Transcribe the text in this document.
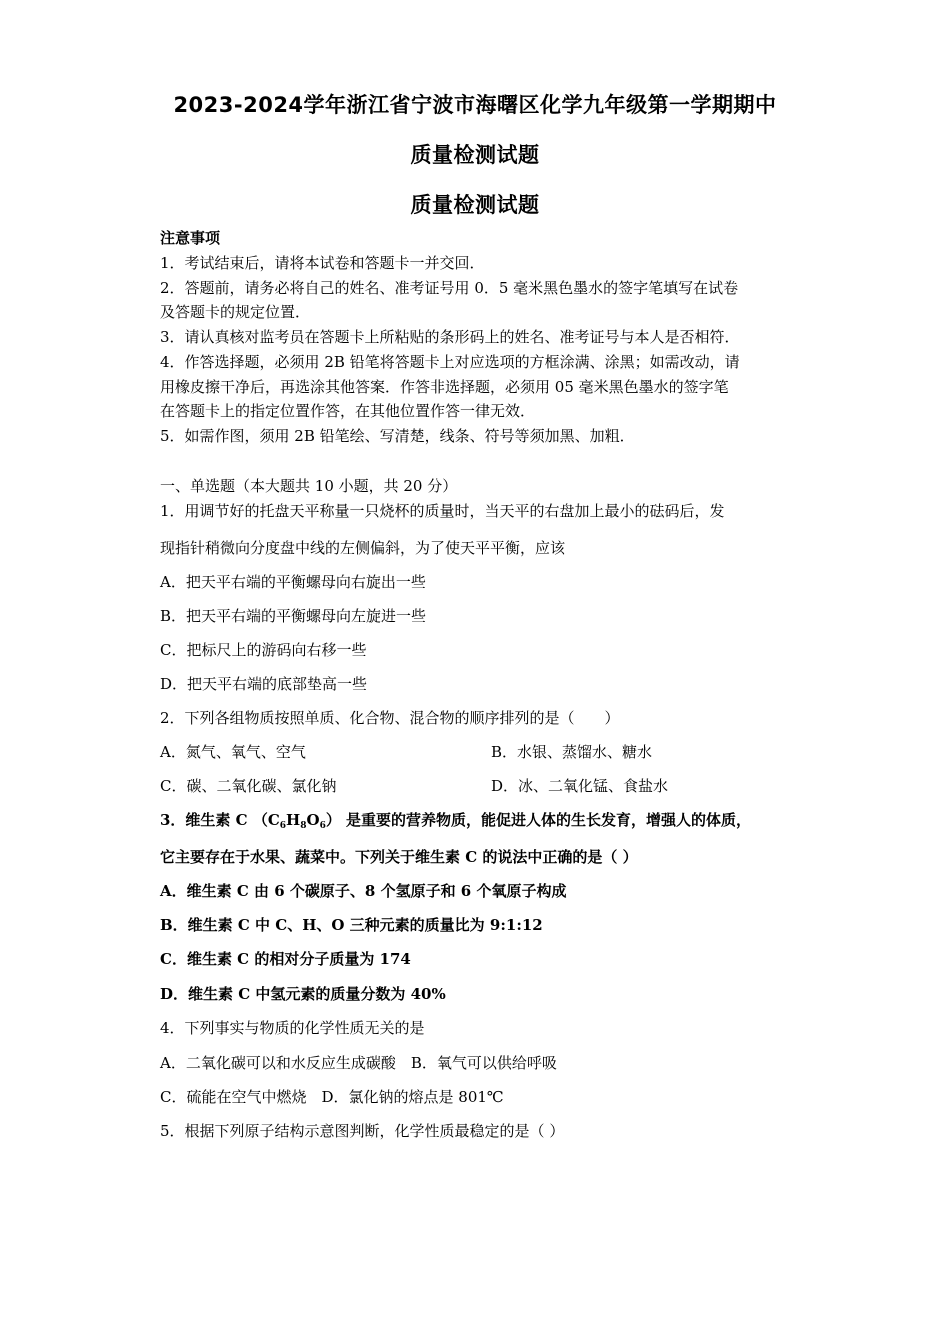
2023-2024学年浙江省宁波市海曙区化学九年级第一学期期中
质量检测试题
质量检测试题
注意事项
1．考试结束后，请将本试卷和答题卡一并交回．
2．答题前，请务必将自己的姓名、准考证号用 0．5 毫米黑色墨水的签字笔填写在试卷
及答题卡的规定位置．
3．请认真核对监考员在答题卡上所粘贴的条形码上的姓名、准考证号与本人是否相符．
4．作答选择题，必须用 2B 铅笔将答题卡上对应选项的方框涂满、涂黑；如需改动，请
用橡皮擦干净后，再选涂其他答案．作答非选择题，必须用 05 毫米黑色墨水的签字笔
在答题卡上的指定位置作答，在其他位置作答一律无效．
5．如需作图，须用 2B 铅笔绘、写清楚，线条、符号等须加黑、加粗．
一、单选题（本大题共 10 小题，共 20 分）
1．用调节好的托盘天平称量一只烧杯的质量时，当天平的右盘加上最小的砝码后，发
现指针稍微向分度盘中线的左侧偏斜，为了使天平平衡，应该
A．把天平右端的平衡螺母向右旋出一些
B．把天平右端的平衡螺母向左旋进一些
C．把标尺上的游码向右移一些
D．把天平右端的底部垫高一些
2．下列各组物质按照单质、化合物、混合物的顺序排列的是（　　）
A．氮气、氧气、空气	B．水银、蒸馏水、糖水
C．碳、二氧化碳、氯化钠	D．冰、二氧化锰、食盐水
3．维生素 C $(C_6H_8O_6)$ 是重要的营养物质，能促进人体的生长发育，增强人的体质，
它主要存在于水果、蔬菜中。下列关于维生素 C 的说法中正确的是（ ）
A．维生素 C 由 6 个碳原子、8 个氢原子和 6 个氧原子构成
B．维生素 C 中 C、H、O 三种元素的质量比为 9:1:12
C．维生素 C 的相对分子质量为 174
D．维生素 C 中氢元素的质量分数为 40%
4．下列事实与物质的化学性质无关的是
A．二氧化碳可以和水反应生成碳酸　B．氧气可以供给呼吸
C．硫能在空气中燃烧　D．氯化钠的熔点是 801℃
5．根据下列原子结构示意图判断，化学性质最稳定的是（ ）
